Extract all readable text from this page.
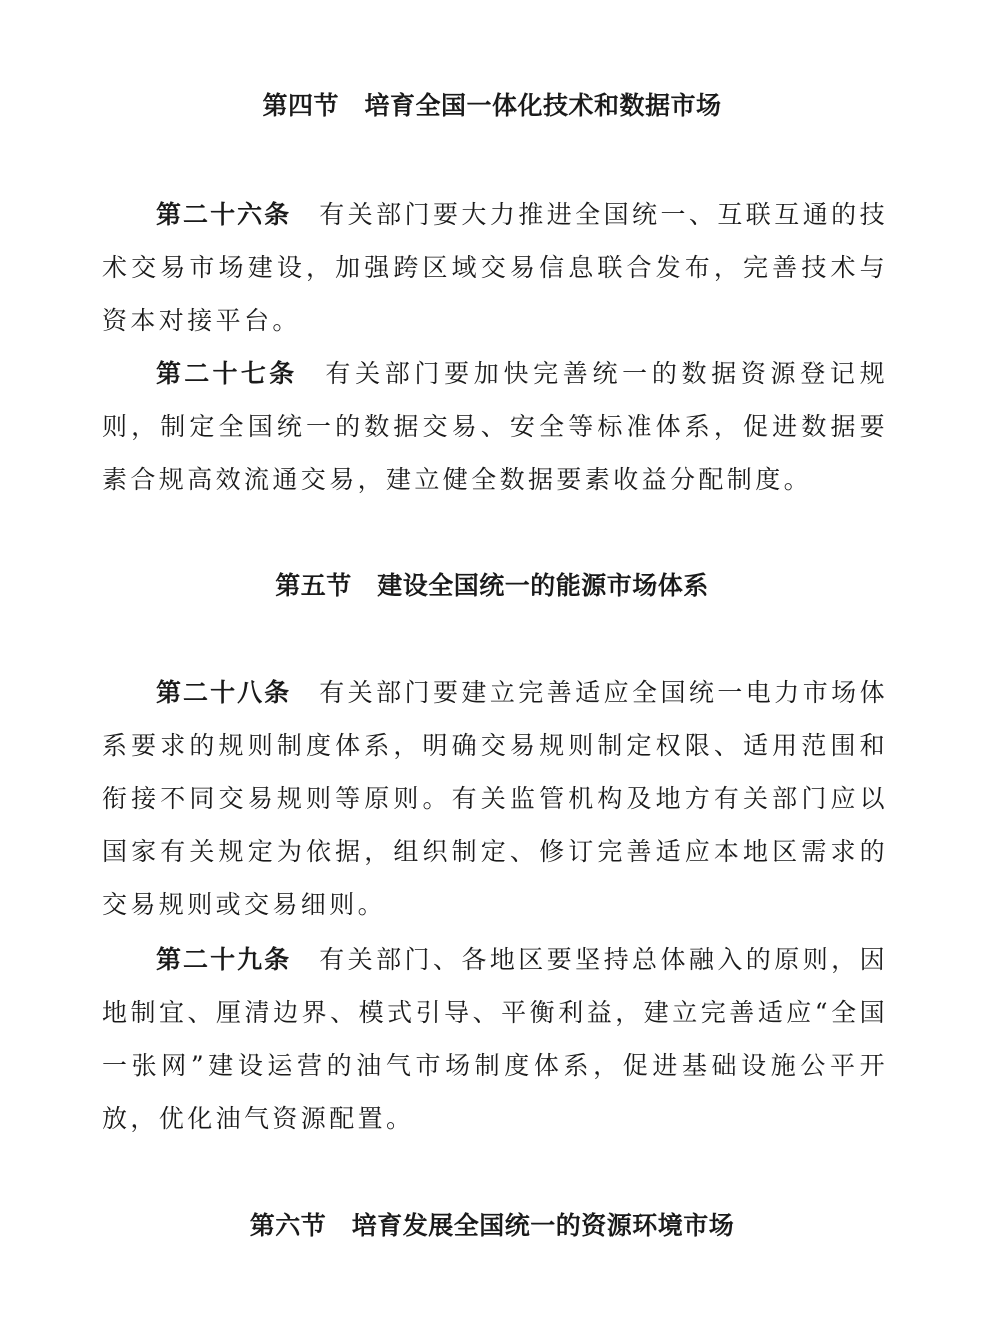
第四节　培育全国一体化技术和数据市场
第二十六条 有关部门要大力推进全国统一、互联互通的技术交易市场建设，加强跨区域交易信息联合发布，完善技术与资本对接平台。
第二十七条 有关部门要加快完善统一的数据资源登记规则，制定全国统一的数据交易、安全等标准体系，促进数据要素合规高效流通交易，建立健全数据要素收益分配制度。
第五节　建设全国统一的能源市场体系
第二十八条 有关部门要建立完善适应全国统一电力市场体系要求的规则制度体系，明确交易规则制定权限、适用范围和衔接不同交易规则等原则。有关监管机构及地方有关部门应以国家有关规定为依据，组织制定、修订完善适应本地区需求的交易规则或交易细则。
第二十九条 有关部门、各地区要坚持总体融入的原则，因地制宜、厘清边界、模式引导、平衡利益，建立完善适应“全国一张网”建设运营的油气市场制度体系，促进基础设施公平开放，优化油气资源配置。
第六节　培育发展全国统一的资源环境市场
